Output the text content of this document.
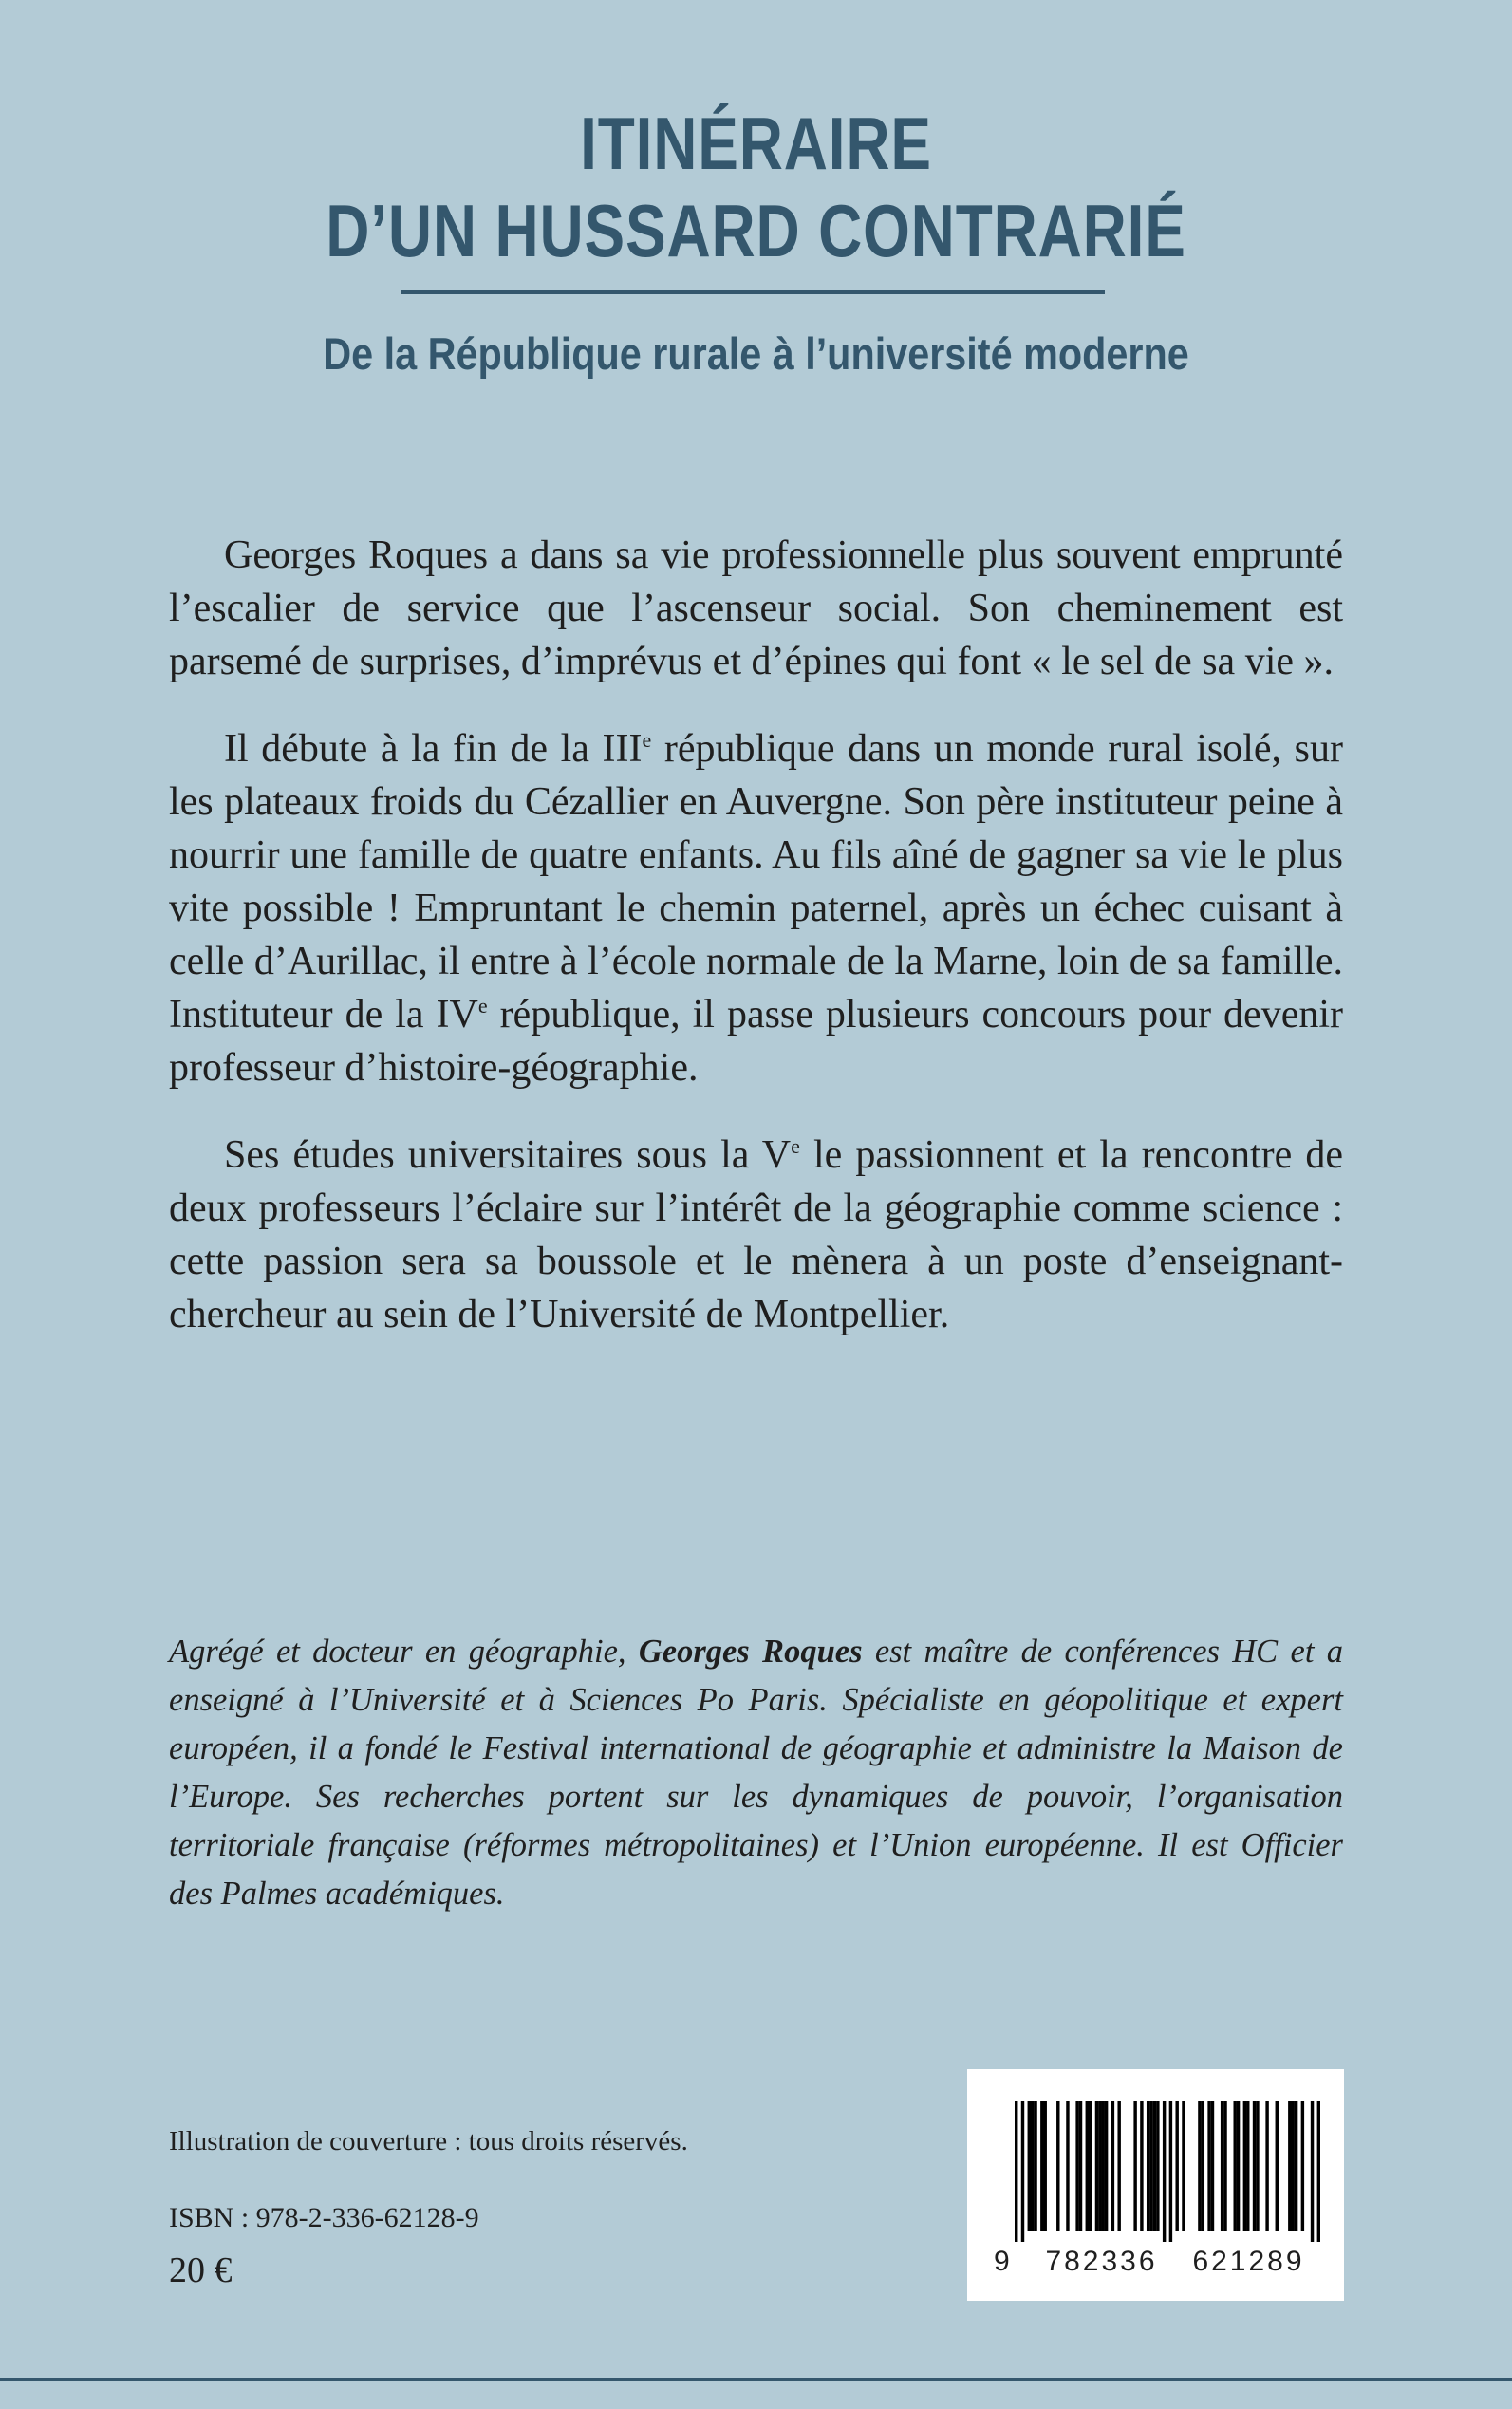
ITINÉRAIRE
D’UN HUSSARD CONTRARIÉ
De la République rurale à l’université moderne

Georges Roques a dans sa vie professionnelle plus souvent emprunté l’escalier de service que l’ascenseur social. Son cheminement est parsemé de surprises, d’imprévus et d’épines qui font « le sel de sa vie ».

Il débute à la fin de la IIIe république dans un monde rural isolé, sur les plateaux froids du Cézallier en Auvergne. Son père instituteur peine à nourrir une famille de quatre enfants. Au fils aîné de gagner sa vie le plus vite possible ! Empruntant le chemin paternel, après un échec cuisant à celle d’Aurillac, il entre à l’école normale de la Marne, loin de sa famille. Instituteur de la IVe république, il passe plusieurs concours pour devenir professeur d’histoire-géographie.

Ses études universitaires sous la Ve le passionnent et la rencontre de deux professeurs l’éclaire sur l’intérêt de la géographie comme science : cette passion sera sa boussole et le mènera à un poste d’enseignant-chercheur au sein de l’Université de Montpellier.

Agrégé et docteur en géographie, Georges Roques est maître de conférences HC et a enseigné à l’Université et à Sciences Po Paris. Spécialiste en géopolitique et expert européen, il a fondé le Festival international de géographie et administre la Maison de l’Europe. Ses recherches portent sur les dynamiques de pouvoir, l’organisation territoriale française (réformes métropolitaines) et l’Union européenne. Il est Officier des Palmes académiques.

Illustration de couverture : tous droits réservés.
ISBN : 978-2-336-62128-9
20 €	9	782336	621289
